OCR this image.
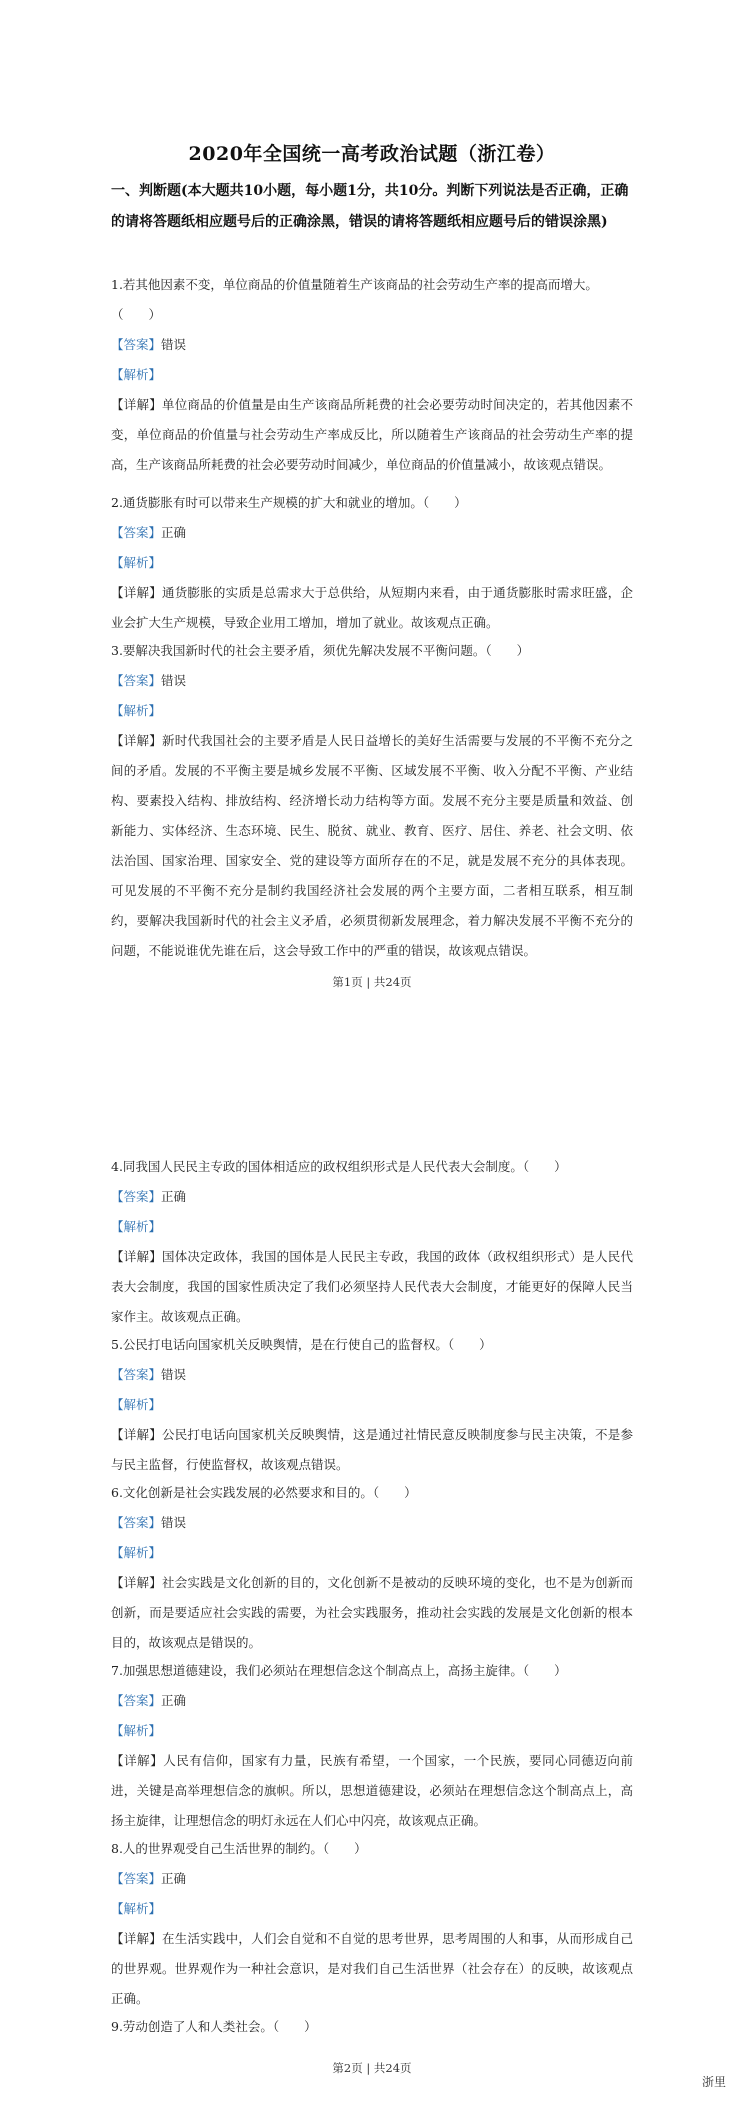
2020年全国统一高考政治试题（浙江卷）
一、判断题(本大题共10小题，每小题1分，共10分。判断下列说法是否正确，正确的请将答题纸相应题号后的正确涂黑，错误的请将答题纸相应题号后的错误涂黑)
1.若其他因素不变，单位商品的价值量随着生产该商品的社会劳动生产率的提高而增大。
（　　）
【答案】错误
【解析】
【详解】单位商品的价值量是由生产该商品所耗费的社会必要劳动时间决定的，若其他因素不变，单位商品的价值量与社会劳动生产率成反比，所以随着生产该商品的社会劳动生产率的提高，生产该商品所耗费的社会必要劳动时间减少，单位商品的价值量减小，故该观点错误。
2.通货膨胀有时可以带来生产规模的扩大和就业的增加。（　　）
【答案】正确
【解析】
【详解】通货膨胀的实质是总需求大于总供给，从短期内来看，由于通货膨胀时需求旺盛，企业会扩大生产规模，导致企业用工增加，增加了就业。故该观点正确。
3.要解决我国新时代的社会主要矛盾，须优先解决发展不平衡问题。（　　）
【答案】错误
【解析】
【详解】新时代我国社会的主要矛盾是人民日益增长的美好生活需要与发展的不平衡不充分之间的矛盾。发展的不平衡主要是城乡发展不平衡、区域发展不平衡、收入分配不平衡、产业结构、要素投入结构、排放结构、经济增长动力结构等方面。发展不充分主要是质量和效益、创新能力、实体经济、生态环境、民生、脱贫、就业、教育、医疗、居住、养老、社会文明、依法治国、国家治理、国家安全、党的建设等方面所存在的不足，就是发展不充分的具体表现。可见发展的不平衡不充分是制约我国经济社会发展的两个主要方面，二者相互联系，相互制约，要解决我国新时代的社会主义矛盾，必须贯彻新发展理念，着力解决发展不平衡不充分的问题，不能说谁优先谁在后，这会导致工作中的严重的错误，故该观点错误。
第1页 | 共24页
4.同我国人民民主专政的国体相适应的政权组织形式是人民代表大会制度。（　　）
【答案】正确
【解析】
【详解】国体决定政体，我国的国体是人民民主专政，我国的政体（政权组织形式）是人民代表大会制度，我国的国家性质决定了我们必须坚持人民代表大会制度，才能更好的保障人民当家作主。故该观点正确。
5.公民打电话向国家机关反映舆情，是在行使自己的监督权。（　　）
【答案】错误
【解析】
【详解】公民打电话向国家机关反映舆情，这是通过社情民意反映制度参与民主决策，不是参与民主监督，行使监督权，故该观点错误。
6.文化创新是社会实践发展的必然要求和目的。（　　）
【答案】错误
【解析】
【详解】社会实践是文化创新的目的，文化创新不是被动的反映环境的变化，也不是为创新而创新，而是要适应社会实践的需要，为社会实践服务，推动社会实践的发展是文化创新的根本目的，故该观点是错误的。
7.加强思想道德建设，我们必须站在理想信念这个制高点上，高扬主旋律。（　　）
【答案】正确
【解析】
【详解】人民有信仰，国家有力量，民族有希望，一个国家，一个民族，要同心同德迈向前进，关键是高举理想信念的旗帜。所以，思想道德建设，必须站在理想信念这个制高点上，高扬主旋律，让理想信念的明灯永远在人们心中闪亮，故该观点正确。
8.人的世界观受自己生活世界的制约。（　　）
【答案】正确
【解析】
【详解】在生活实践中，人们会自觉和不自觉的思考世界，思考周围的人和事，从而形成自己的世界观。世界观作为一种社会意识，是对我们自己生活世界（社会存在）的反映，故该观点正确。
9.劳动创造了人和人类社会。（　　）
第2页 | 共24页
浙里
